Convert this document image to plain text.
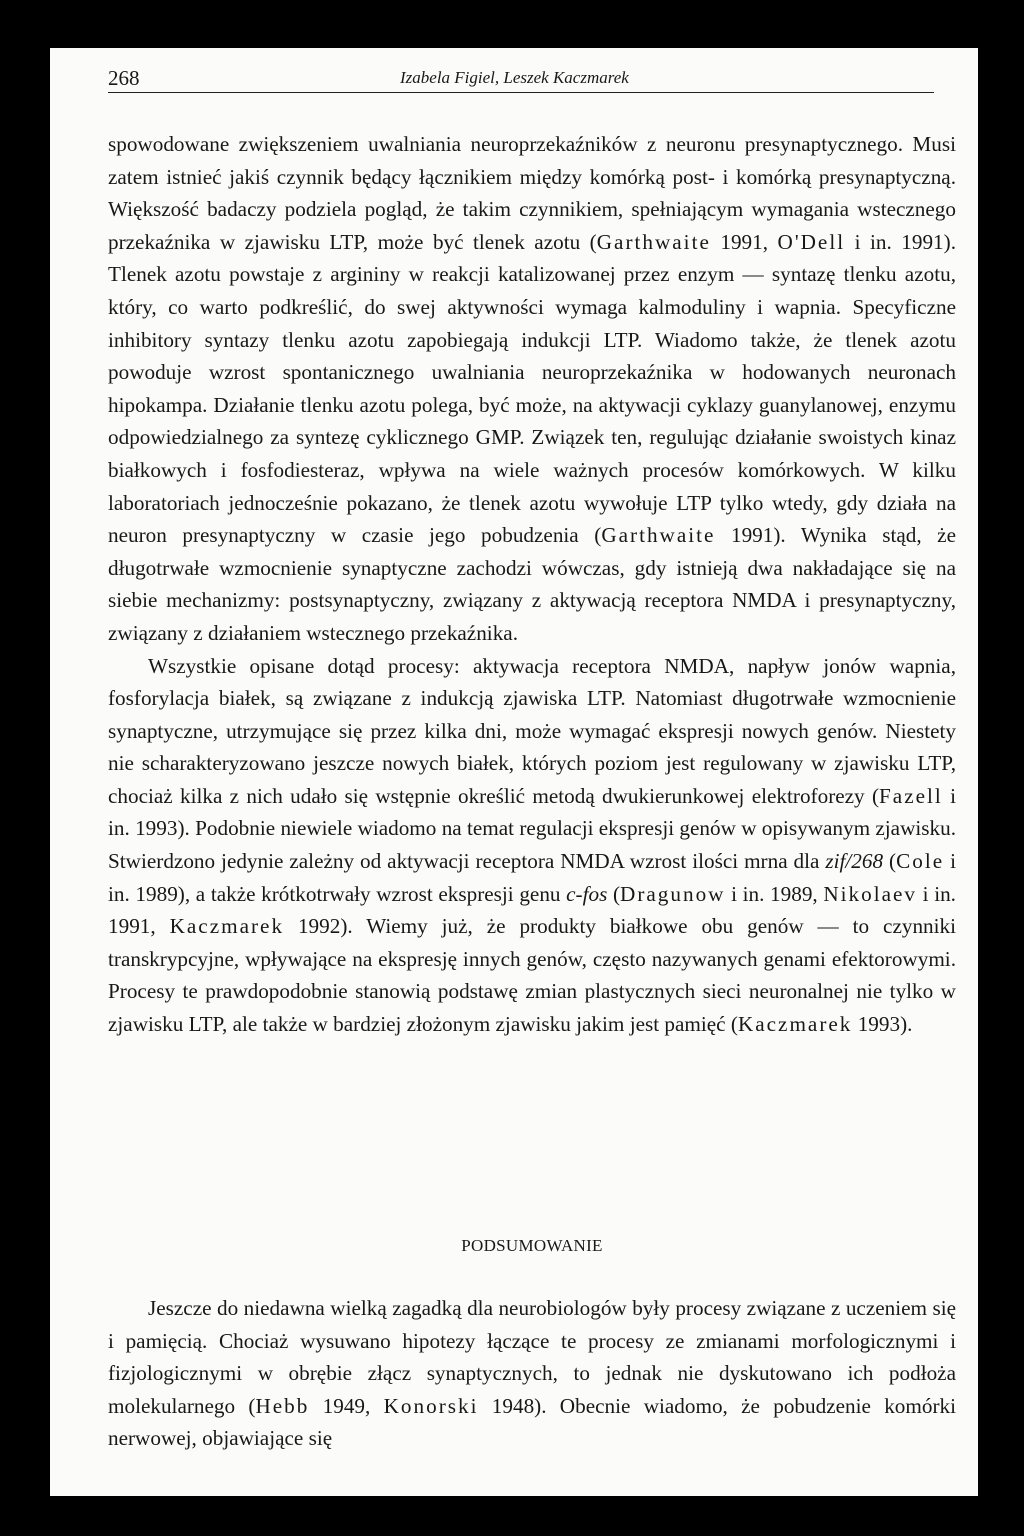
268	Izabela Figiel, Leszek Kaczmarek

spowodowane zwiększeniem uwalniania neuroprzekaźników z neuronu presynaptycznego. Musi zatem istnieć jakiś czynnik będący łącznikiem między komórką post- i komórką presynaptyczną. Większość badaczy podziela pogląd, że takim czynnikiem, spełniającym wymagania wstecznego przekaźnika w zjawisku LTP, może być tlenek azotu (Garthwaite 1991, O'Dell i in. 1991). Tlenek azotu powstaje z argininy w reakcji katalizowanej przez enzym — syntazę tlenku azotu, który, co warto podkreślić, do swej aktywności wymaga kalmoduliny i wapnia. Specyficzne inhibitory syntazy tlenku azotu zapobiegają indukcji LTP. Wiadomo także, że tlenek azotu powoduje wzrost spontanicznego uwalniania neuroprzekaźnika w hodowanych neuronach hipokampa. Działanie tlenku azotu polega, być może, na aktywacji cyklazy guanylanowej, enzymu odpowiedzialnego za syntezę cyklicznego GMP. Związek ten, regulując działanie swoistych kinaz białkowych i fosfodiesteraz, wpływa na wiele ważnych procesów komórkowych. W kilku laboratoriach jednocześnie pokazano, że tlenek azotu wywołuje LTP tylko wtedy, gdy działa na neuron presynaptyczny w czasie jego pobudzenia (Garthwaite 1991). Wynika stąd, że długotrwałe wzmocnienie synaptyczne zachodzi wówczas, gdy istnieją dwa nakładające się na siebie mechanizmy: postsynaptyczny, związany z aktywacją receptora NMDA i presynaptyczny, związany z działaniem wstecznego przekaźnika.

Wszystkie opisane dotąd procesy: aktywacja receptora NMDA, napływ jonów wapnia, fosforylacja białek, są związane z indukcją zjawiska LTP. Natomiast długotrwałe wzmocnienie synaptyczne, utrzymujące się przez kilka dni, może wymagać ekspresji nowych genów. Niestety nie scharakteryzowano jeszcze nowych białek, których poziom jest regulowany w zjawisku LTP, chociaż kilka z nich udało się wstępnie określić metodą dwukierunkowej elektroforezy (Fazell i in. 1993). Podobnie niewiele wiadomo na temat regulacji ekspresji genów w opisywanym zjawisku. Stwierdzono jedynie zależny od aktywacji receptora NMDA wzrost ilości mrna dla zif/268 (Cole i in. 1989), a także krótkotrwały wzrost ekspresji genu c-fos (Dragunow i in. 1989, Nikolaev i in. 1991, Kaczmarek 1992). Wiemy już, że produkty białkowe obu genów — to czynniki transkrypcyjne, wpływające na ekspresję innych genów, często nazywanych genami efektorowymi. Procesy te prawdopodobnie stanowią podstawę zmian plastycznych sieci neuronalnej nie tylko w zjawisku LTP, ale także w bardziej złożonym zjawisku jakim jest pamięć (Kaczmarek 1993).

PODSUMOWANIE

Jeszcze do niedawna wielką zagadką dla neurobiologów były procesy związane z uczeniem się i pamięcią. Chociaż wysuwano hipotezy łączące te procesy ze zmianami morfologicznymi i fizjologicznymi w obrębie złącz synaptycznych, to jednak nie dyskutowano ich podłoża molekularnego (Hebb 1949, Konorski 1948). Obecnie wiadomo, że pobudzenie komórki nerwowej, objawiające się
